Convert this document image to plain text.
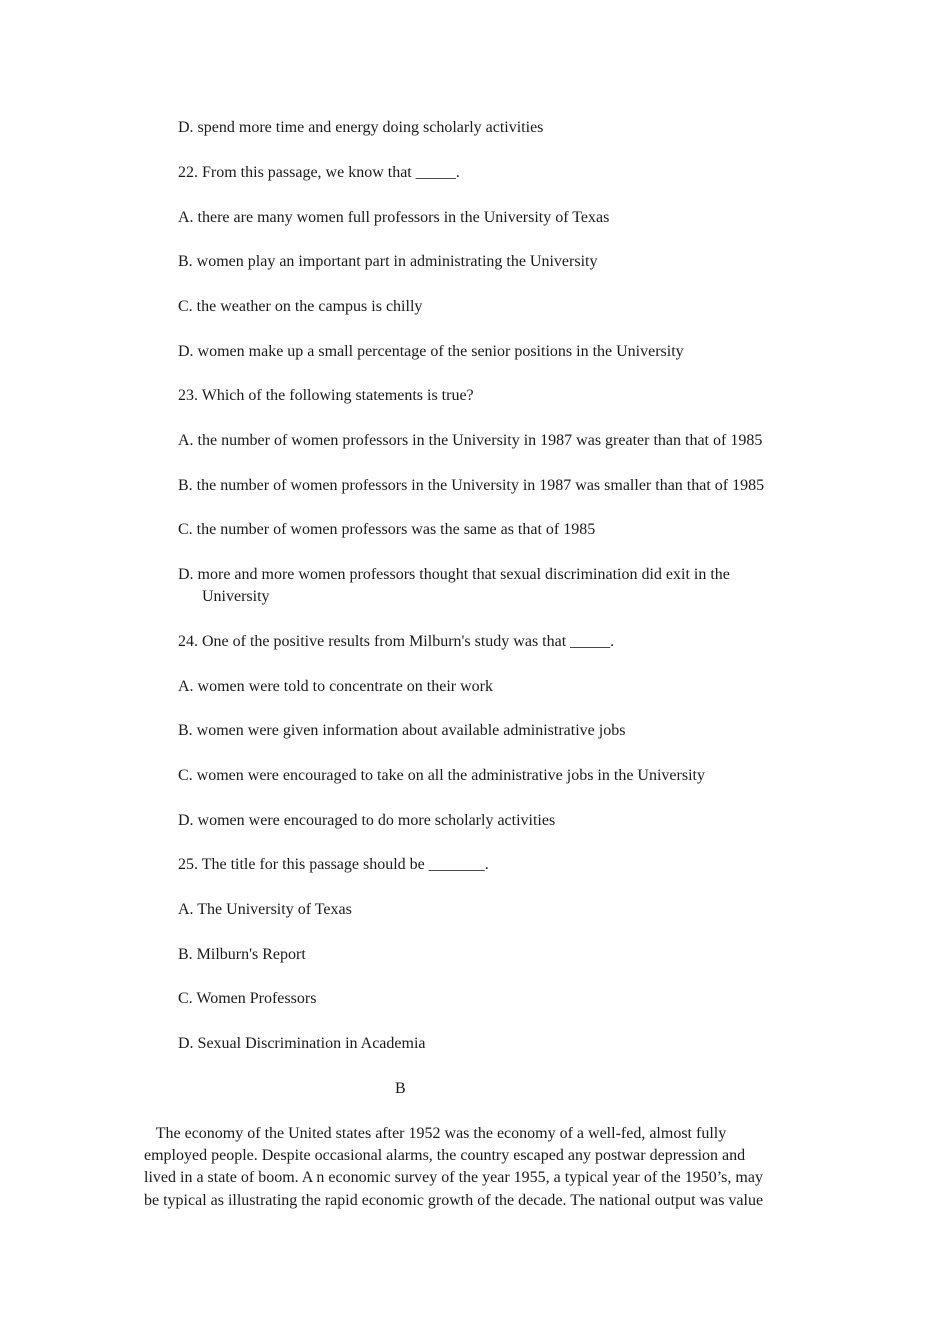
D. spend more time and energy doing scholarly activities
22. From this passage, we know that _____.
A. there are many women full professors in the University of Texas
B. women play an important part in administrating the University
C. the weather on the campus is chilly
D. women make up a small percentage of the senior positions in the University
23. Which of the following statements is true?
A. the number of women professors in the University in 1987 was greater than that of 1985
B. the number of women professors in the University in 1987 was smaller than that of 1985
C. the number of women professors was the same as that of 1985
D. more and more women professors thought that sexual discrimination did exit in the
University
24. One of the positive results from Milburn's study was that _____.
A. women were told to concentrate on their work
B. women were given information about available administrative jobs
C. women were encouraged to take on all the administrative jobs in the University
D. women were encouraged to do more scholarly activities
25. The title for this passage should be _______.
A. The University of Texas
B. Milburn's Report
C. Women Professors
D. Sexual Discrimination in Academia
B
The economy of the United states after 1952 was the economy of a well-fed, almost fully
employed people. Despite occasional alarms, the country escaped any postwar depression and
lived in a state of boom. A n economic survey of the year 1955, a typical year of the 1950’s, may
be typical as illustrating the rapid economic growth of the decade. The national output was value
